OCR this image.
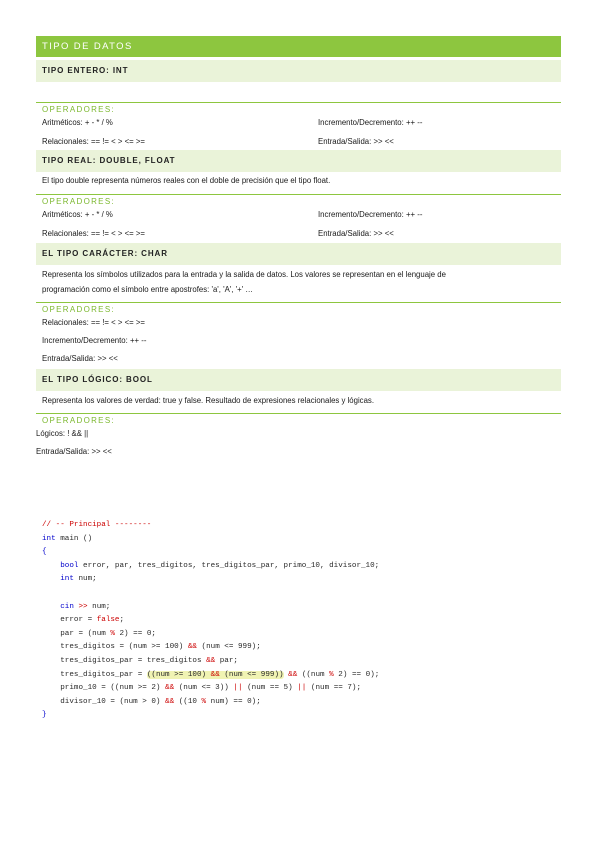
TIPO DE DATOS
TIPO ENTERO: INT
OPERADORES:
Aritméticos: + - * / %	Incremento/Decremento: ++ --
Relacionales: == != < > <= >=	Entrada/Salida: >> <<
TIPO REAL: DOUBLE, FLOAT
El tipo double representa números reales con el doble de precisión que el tipo float.
OPERADORES:
Aritméticos: + - * / %	Incremento/Decremento: ++ --
Relacionales: == != < > <= >=	Entrada/Salida: >> <<
EL TIPO CARÁCTER: CHAR
Representa los símbolos utilizados para la entrada y la salida de datos. Los valores se representan en el lenguaje de
programación como el símbolo entre apostrofes: 'a', 'A', '+' …
OPERADORES:
Relacionales: == != < > <= >=
Incremento/Decremento: ++ --
Entrada/Salida: >> <<
EL TIPO LÓGICO: BOOL
Representa los valores de verdad: true y false. Resultado de expresiones relacionales y lógicas.
OPERADORES:
Lógicos: ! && ||
Entrada/Salida: >> <<
// -- Principal --------
int main ()
{
bool error, par, tres_digitos, tres_digitos_par, primo_10, divisor_10;
int num;

cin >> num;
error = false;
par = (num % 2) == 0;
tres_digitos = (num >= 100) && (num <= 999);
tres_digitos_par = tres_digitos && par;
tres_digitos_par = ((num >= 100) && (num <= 999)) && ((num % 2) == 0);
primo_10 = ((num >= 2) && (num <= 3)) || (num == 5) || (num == 7);
divisor_10 = (num > 0) && ((10 % num) == 0);
}
